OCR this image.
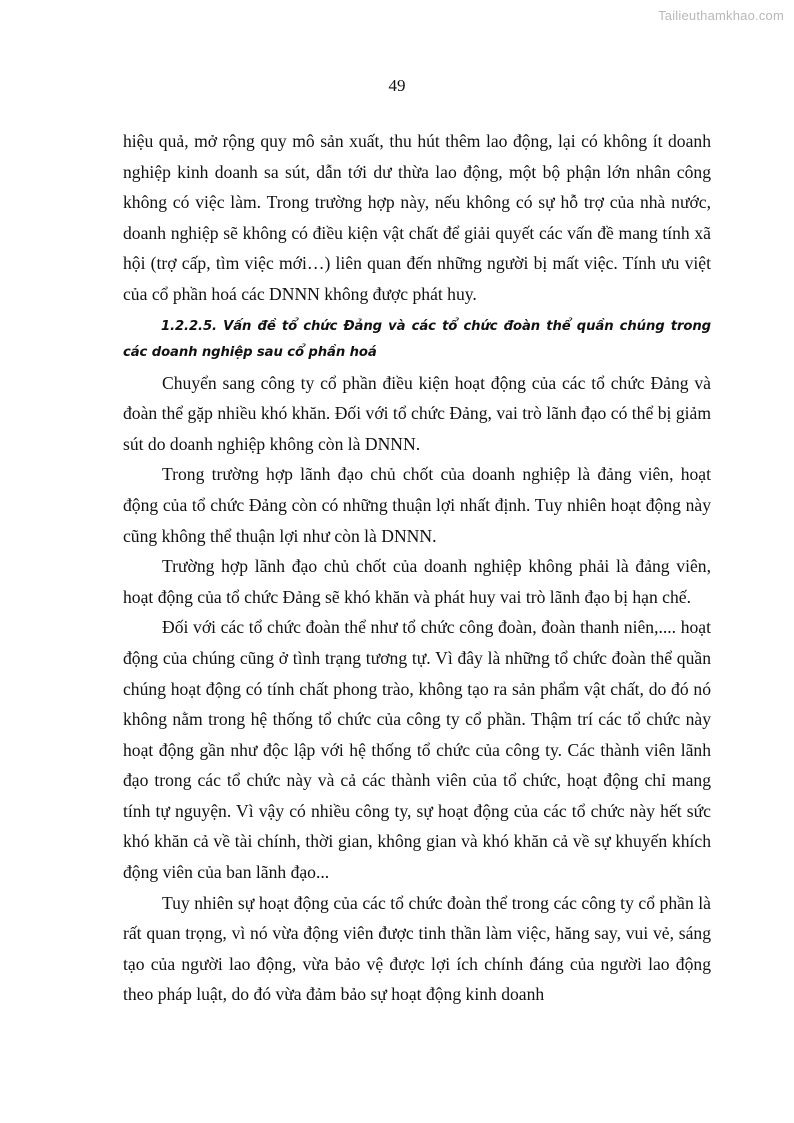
Tailieuthamkhao.com
49

hiệu quả, mở rộng quy mô sản xuất, thu hút thêm lao động, lại có không ít doanh nghiệp kinh doanh sa sút, dẫn tới dư thừa lao động, một bộ phận lớn nhân công không có việc làm. Trong trường hợp này, nếu không có sự hỗ trợ của nhà nước, doanh nghiệp sẽ không có điều kiện vật chất để giải quyết các vấn đề mang tính xã hội (trợ cấp, tìm việc mới…) liên quan đến những người bị mất việc. Tính ưu việt của cổ phần hoá các DNNN không được phát huy.

1.2.2.5. Vấn đề tổ chức Đảng và các tổ chức đoàn thể quần chúng trong các doanh nghiệp sau cổ phần hoá

Chuyển sang công ty cổ phần điều kiện hoạt động của các tổ chức Đảng và đoàn thể gặp nhiều khó khăn. Đối với tổ chức Đảng, vai trò lãnh đạo có thể bị giảm sút do doanh nghiệp không còn là DNNN.

Trong trường hợp lãnh đạo chủ chốt của doanh nghiệp là đảng viên, hoạt động của tổ chức Đảng còn có những thuận lợi nhất định. Tuy nhiên hoạt động này cũng không thể thuận lợi như còn là DNNN.

Trường hợp lãnh đạo chủ chốt của doanh nghiệp không phải là đảng viên, hoạt động của tổ chức Đảng sẽ khó khăn và phát huy vai trò lãnh đạo bị hạn chế.

Đối với các tổ chức đoàn thể như tổ chức công đoàn, đoàn thanh niên,.... hoạt động của chúng cũng ở tình trạng tương tự. Vì đây là những tổ chức đoàn thể quần chúng hoạt động có tính chất phong trào, không tạo ra sản phẩm vật chất, do đó nó không nằm trong hệ thống tổ chức của công ty cổ phần. Thậm trí các tổ chức này hoạt động gần như độc lập với hệ thống tổ chức của công ty. Các thành viên lãnh đạo trong các tổ chức này và cả các thành viên của tổ chức, hoạt động chỉ mang tính tự nguyện. Vì vậy có nhiều công ty, sự hoạt động của các tổ chức này hết sức khó khăn cả về tài chính, thời gian, không gian và khó khăn cả về sự khuyến khích động viên của ban lãnh đạo...

Tuy nhiên sự hoạt động của các tổ chức đoàn thể trong các công ty cổ phần là rất quan trọng, vì nó vừa động viên được tinh thần làm việc, hăng say, vui vẻ, sáng tạo của người lao động, vừa bảo vệ được lợi ích chính đáng của người lao động theo pháp luật, do đó vừa đảm bảo sự hoạt động kinh doanh
